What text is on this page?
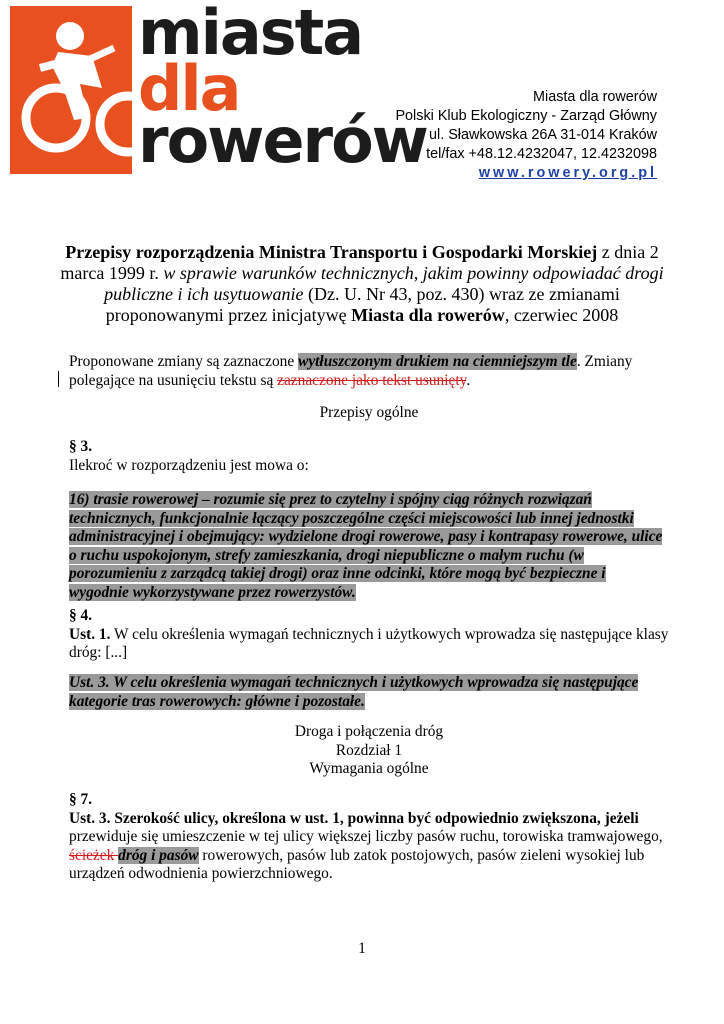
miasta
dla
rowerów
Miasta dla rowerów
Polski Klub Ekologiczny - Zarząd Główny
ul. Sławkowska 26A 31-014 Kraków
tel/fax +48.12.4232047, 12.4232098
www.rowery.org.pl
Przepisy rozporządzenia Ministra Transportu i Gospodarki Morskiej z dnia 2 marca 1999 r. w sprawie warunków technicznych, jakim powinny odpowiadać drogi publiczne i ich usytuowanie (Dz. U. Nr 43, poz. 430) wraz ze zmianami proponowanymi przez inicjatywę Miasta dla rowerów, czerwiec 2008
Proponowane zmiany są zaznaczone wytłuszczonym drukiem na ciemniejszym tle. Zmiany polegające na usunięciu tekstu są zaznaczone jako tekst usunięty.
Przepisy ogólne
§ 3.
Ilekroć w rozporządzeniu jest mowa o:
16) trasie rowerowej – rozumie się prez to czytelny i spójny ciąg różnych rozwiązań technicznych, funkcjonalnie łączący poszczególne części miejscowości lub innej jednostki administracyjnej i obejmujący: wydzielone drogi rowerowe, pasy i kontrapasy rowerowe, ulice o ruchu uspokojonym, strefy zamieszkania, drogi niepubliczne o małym ruchu (w porozumieniu z zarządcą takiej drogi) oraz inne odcinki, które mogą być bezpieczne i wygodnie wykorzystywane przez rowerzystów.
§ 4.
Ust. 1. W celu określenia wymagań technicznych i użytkowych wprowadza się następujące klasy dróg: [...]
Ust. 3. W celu określenia wymagań technicznych i użytkowych wprowadza się następujące kategorie tras rowerowych: główne i pozostałe.
Droga i połączenia dróg
Rozdział 1
Wymagania ogólne
§ 7.
Ust. 3. Szerokość ulicy, określona w ust. 1, powinna być odpowiednio zwiększona, jeżeli przewiduje się umieszczenie w tej ulicy większej liczby pasów ruchu, torowiska tramwajowego, ścieżek dróg i pasów rowerowych, pasów lub zatok postojowych, pasów zieleni wysokiej lub urządzeń odwodnienia powierzchniowego.
1
